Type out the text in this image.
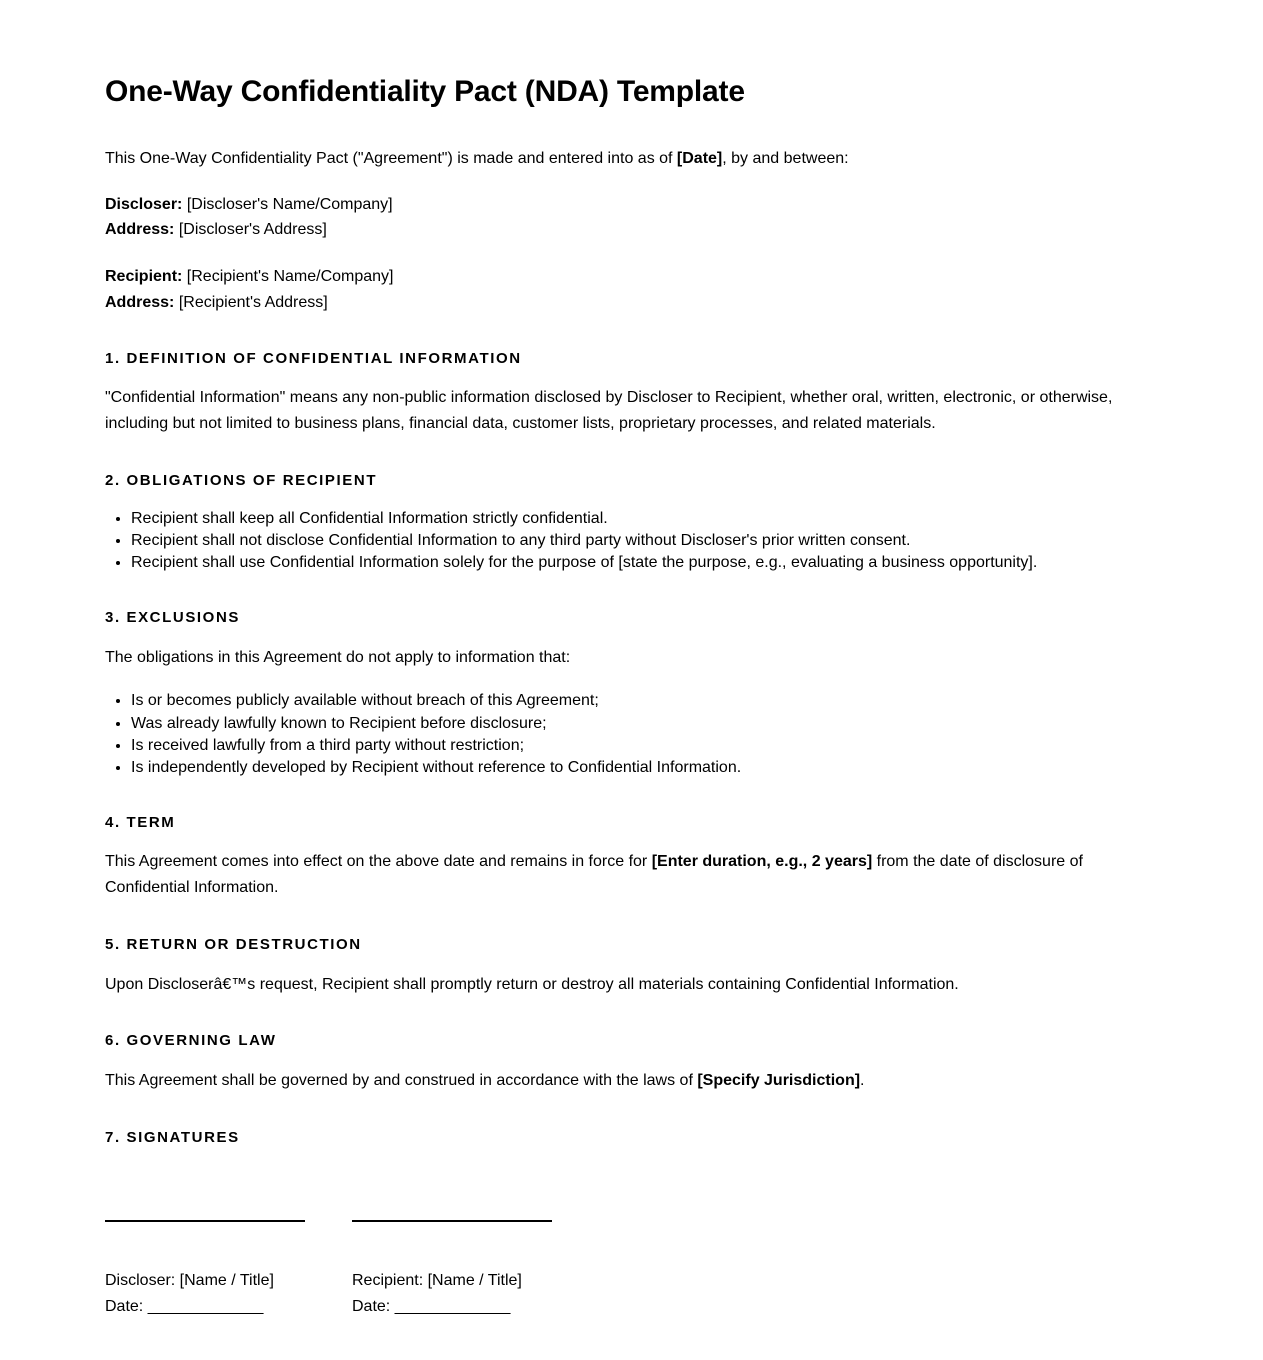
One-Way Confidentiality Pact (NDA) Template

This One-Way Confidentiality Pact ("Agreement") is made and entered into as of [Date], by and between:

Discloser: [Discloser's Name/Company]

Address: [Discloser's Address]

Recipient: [Recipient's Name/Company]

Address: [Recipient's Address]

1. DEFINITION OF CONFIDENTIAL INFORMATION

"Confidential Information" means any non-public information disclosed by Discloser to Recipient, whether oral, written, electronic, or otherwise, including but not limited to business plans, financial data, customer lists, proprietary processes, and related materials.

2. OBLIGATIONS OF RECIPIENT
• Recipient shall keep all Confidential Information strictly confidential.
• Recipient shall not disclose Confidential Information to any third party without Discloser's prior written consent.
• Recipient shall use Confidential Information solely for the purpose of [state the purpose, e.g., evaluating a business opportunity].
3. EXCLUSIONS

The obligations in this Agreement do not apply to information that:

• Is or becomes publicly available without breach of this Agreement;
• Was already lawfully known to Recipient before disclosure;
• Is received lawfully from a third party without restriction;
• Is independently developed by Recipient without reference to Confidential Information.
4. TERM

This Agreement comes into effect on the above date and remains in force for [Enter duration, e.g., 2 years] from the date of disclosure of Confidential Information.

5. RETURN OR DESTRUCTION

Upon Discloserâ€™s request, Recipient shall promptly return or destroy all materials containing Confidential Information.

6. GOVERNING LAW

This Agreement shall be governed by and construed in accordance with the laws of [Specify Jurisdiction].

7. SIGNATURES

Discloser: [Name / Title]

Date: _____________

Recipient: [Name / Title]

Date: _____________
